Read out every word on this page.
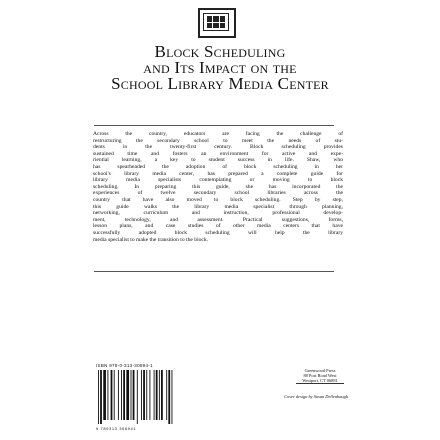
Block Scheduling
and Its Impact on the
School Library Media Center
Across the country, educators are facing the challenge of
restructuring the secondary school to meet the needs of stu-
dents in the twenty-first century. Block scheduling provides
sustained time and fosters an environment for active and expe-
riential learning, a key to student success in life. Shaw, who
has spearheaded the adoption of block scheduling in her
school's library media center, has prepared a complete guide for
library media specialists contemplating or moving to block
scheduling. In preparing this guide, she has incorporated the
experiences of twelve secondary school libraries across the
country that have also moved to block scheduling. Step by step,
this guide walks the library media specialist through planning,
networking, curriculum and instruction, professional develop-
ment, technology, and assessment. Practical suggestions, forms,
lesson plans, and case studies of other media centers that have
successfully adopted block scheduling will help the library
media specialist to make the transition to the block.
ISBN 978-0-313-30694-1
9 780313 306941
Greenwood Press
88 Post Road West
Westport, CT 06881
Cover design by Susan Dellenbaugh
